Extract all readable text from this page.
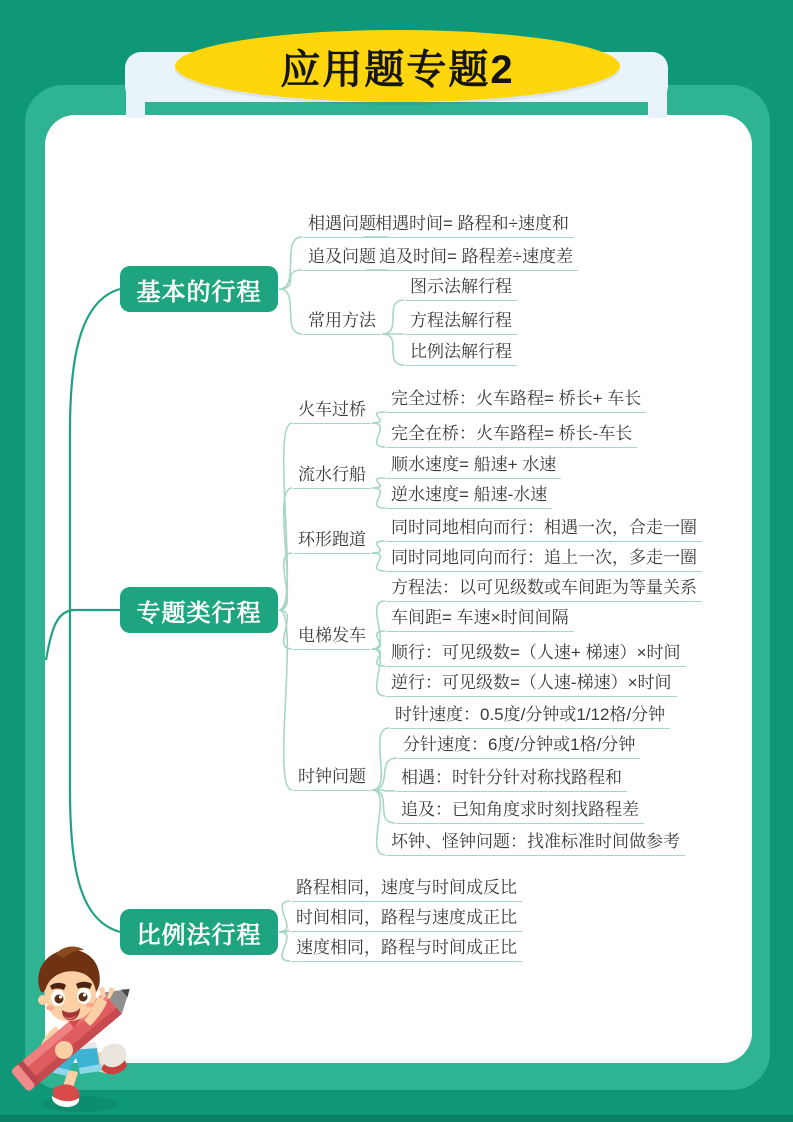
应用题专题2
基本的行程
专题类行程
比例法行程
相遇问题
追及问题
常用方法
相遇时间= 路程和÷速度和
追及时间= 路程差÷速度差
图示法解行程
方程法解行程
比例法解行程
火车过桥
流水行船
环形跑道
电梯发车
时钟问题
完全过桥：火车路程= 桥长+ 车长
完全在桥：火车路程= 桥长-车长
顺水速度= 船速+ 水速
逆水速度= 船速-水速
同时同地相向而行：相遇一次，合走一圈
同时同地同向而行：追上一次，多走一圈
方程法：以可见级数或车间距为等量关系
车间距= 车速×时间间隔
顺行：可见级数=（人速+ 梯速）×时间
逆行：可见级数=（人速-梯速）×时间
时针速度：0.5度/分钟或1/12格/分钟
分针速度：6度/分钟或1格/分钟
相遇：时针分针对称找路程和
追及：已知角度求时刻找路程差
坏钟、怪钟问题：找准标准时间做参考
路程相同，速度与时间成反比
时间相同，路程与速度成正比
速度相同，路程与时间成正比
